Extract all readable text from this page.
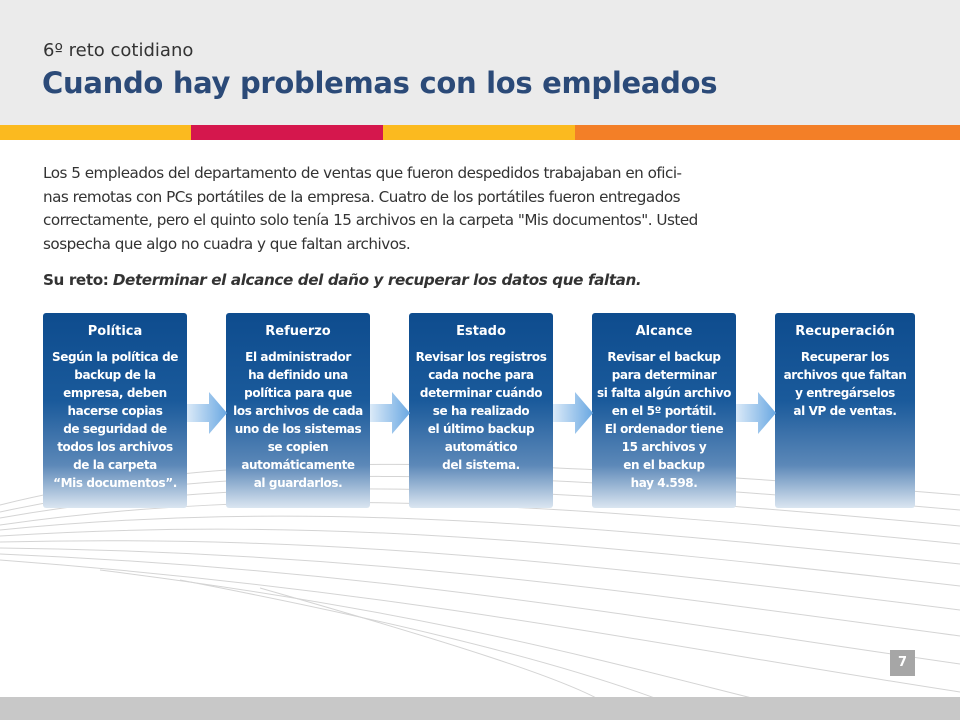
6º reto cotidiano
Cuando hay problemas con los empleados
Los 5 empleados del departamento de ventas que fueron despedidos trabajaban en ofici-
nas remotas con PCs portátiles de la empresa. Cuatro de los portátiles fueron entregados
correctamente, pero el quinto solo tenía 15 archivos en la carpeta "Mis documentos". Usted
sospecha que algo no cuadra y que faltan archivos.
Su reto: Determinar el alcance del daño y recuperar los datos que faltan.
Política
Según la política de
backup de la
empresa, deben
hacerse copias
de seguridad de
todos los archivos
de la carpeta
“Mis documentos”.
Refuerzo
El administrador
ha definido una
política para que
los archivos de cada
uno de los sistemas
se copien
automáticamente
al guardarlos.
Estado
Revisar los registros
cada noche para
determinar cuándo
se ha realizado
el último backup
automático
del sistema.
Alcance
Revisar el backup
para determinar
si falta algún archivo
en el 5º portátil.
El ordenador tiene
15 archivos y
en el backup
hay 4.598.
Recuperación
Recuperar los
archivos que faltan
y entregárselos
al VP de ventas.
7
